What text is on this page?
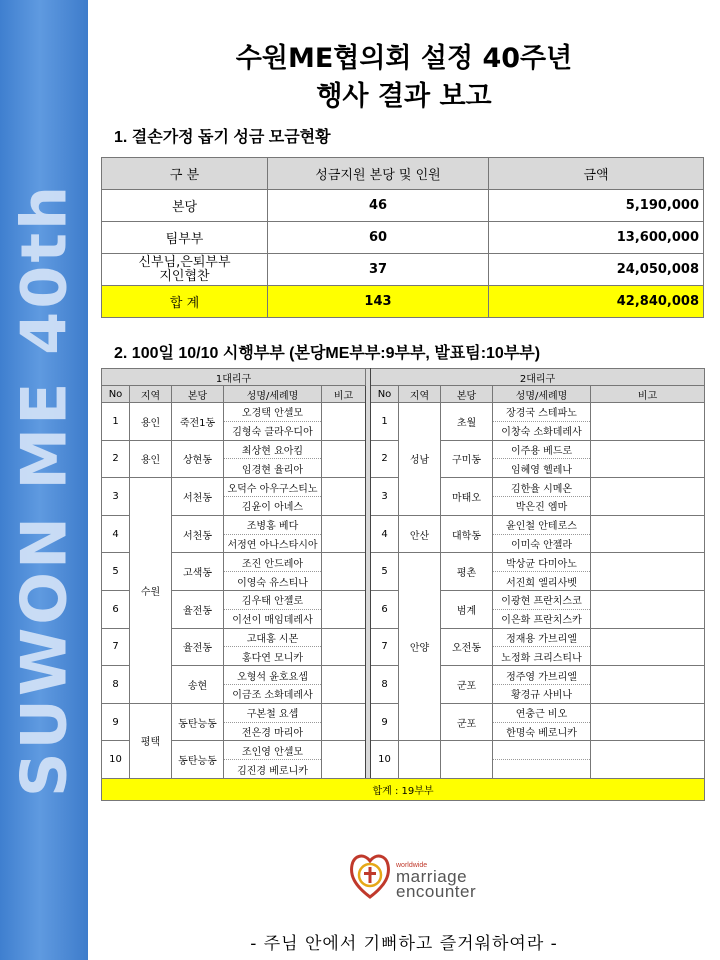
SUWON ME 40th
수원ME협의회 설정 40주년
행사 결과 보고
1. 결손가정 돕기 성금 모금현황
구 분	성금지원 본당 및 인원	금액
본당	46	5,190,000
팀부부	60	13,600,000
신부님,은퇴부부
지인협찬	37	24,050,008
합 계	143	42,840,008
2. 100일 10/10 시행부부 (본당ME부부:9부부, 발표팀:10부부)
1대리구						2대리구				
No	지역	본당	성명/세례명	비고		No	지역	본당	성명/세례명	비고
1	용인	죽전1동	오경택 안셀모			1	성남	초월	장경국 스테파노	
			김형숙 클라우디아						이창숙 소화데레사	
2	용인	상현동	최상현 요아킴			2		구미동	이주용 베드로	
			임경현 율리아						임혜영 헬레나	
3	수원	서천동	오덕수 아우구스티노			3		마태오	김한율 시메온	
			김윤이 아녜스						박은진 엠마	
4		서천동	조병홍 베다			4	안산	대학동	윤인철 안테로스	
			서정연 아나스타시아						이미숙 안젤라	
5		고색동	조진 안드레아			5	안양	평촌	박상균 다미아노	
			이영숙 유스티나						서진희 엘리사벳	
6		율전동	김우태 안젤로			6		범계	이광현 프란치스코	
			이선이 매임데레사						이은화 프란치스카	
7		율전동	고대홍 시몬			7		오전동	정재용 가브리엘	
			홍다연 모니카						노정화 크리스티나	
8		송현	오형석 윤호요셉			8		군포	정주영 가브리엘	
			이금조 소화데레사						황경규 사비나	
9	평택	동탄능동	구본철 요셉			9		군포	연충근 비오	
			전은경 마리아						한명숙 베로니카	
10		동탄능동	조인영 안셀모			10				
			김진경 베로니카							
합계 : 19부부										
worldwide
marriage
encounter
- 주님 안에서 기뻐하고 즐거워하여라 -
